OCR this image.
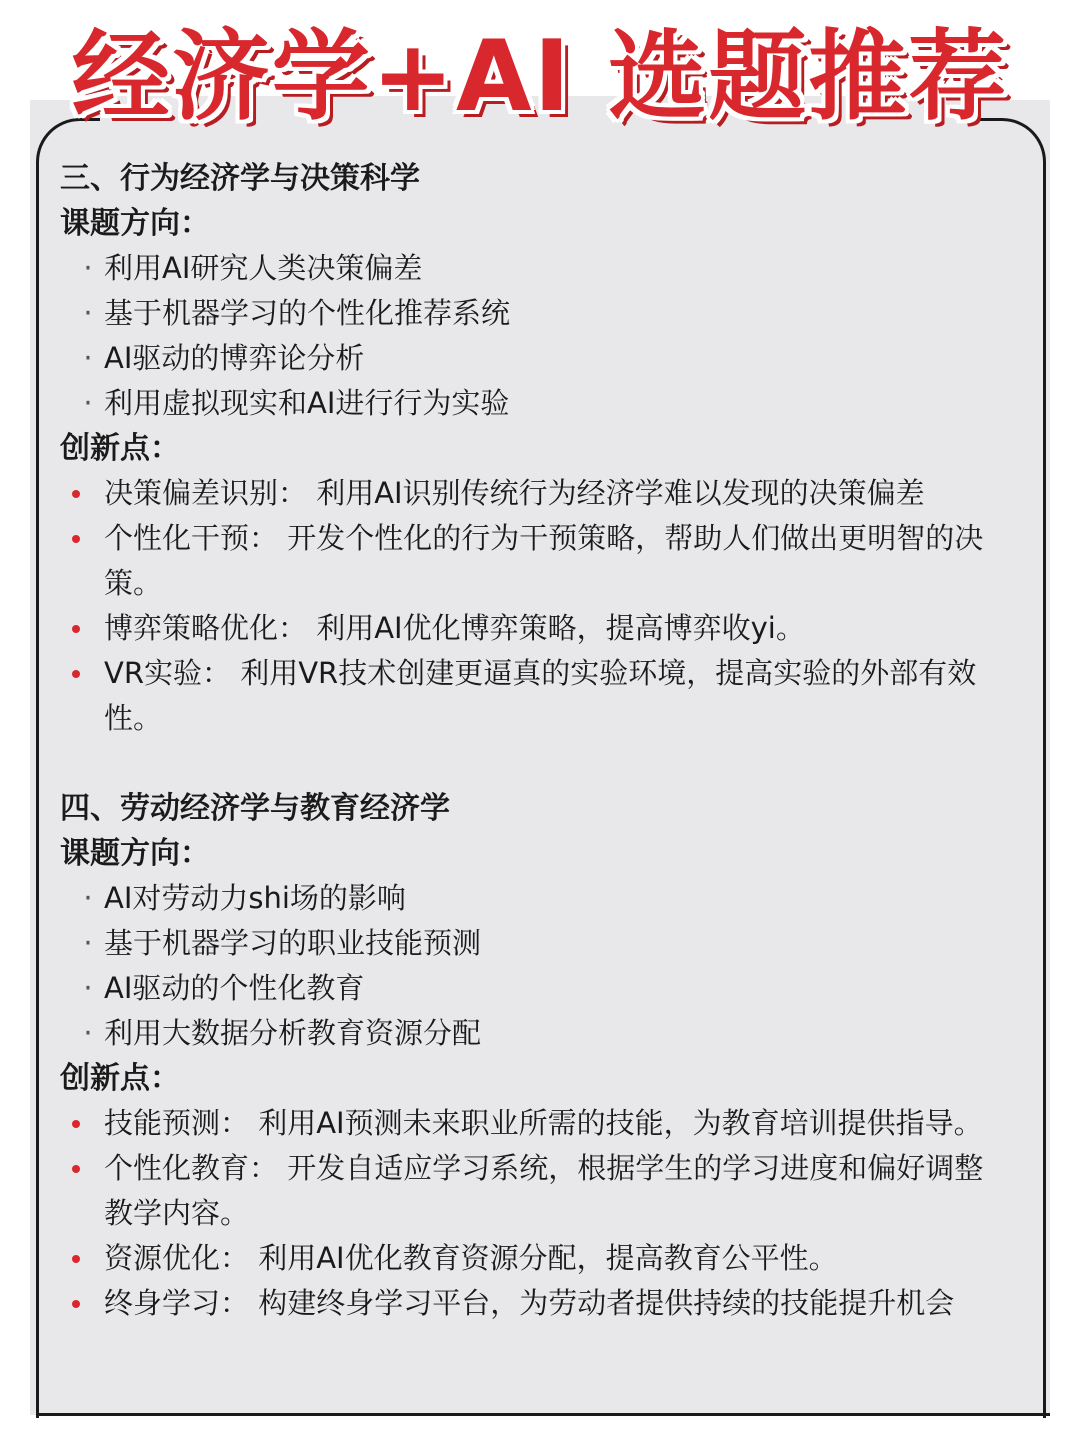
经济学+AI 选题推荐

三、行为经济学与决策科学

课题方向：

· 利用AI研究人类决策偏差

· 基于机器学习的个性化推荐系统

· AI驱动的博弈论分析

· 利用虚拟现实和AI进行行为实验

创新点：

决策偏差识别： 利用AI识别传统行为经济学难以发现的决策偏差

个性化干预： 开发个性化的行为干预策略，帮助人们做出更明智的决策。

博弈策略优化： 利用AI优化博弈策略，提高博弈收yi。

VR实验： 利用VR技术创建更逼真的实验环境，提高实验的外部有效性。

四、劳动经济学与教育经济学

课题方向：

· AI对劳动力shi场的影响

· 基于机器学习的职业技能预测

· AI驱动的个性化教育

· 利用大数据分析教育资源分配

创新点：

技能预测： 利用AI预测未来职业所需的技能，为教育培训提供指导。

个性化教育： 开发自适应学习系统，根据学生的学习进度和偏好调整教学内容。

资源优化： 利用AI优化教育资源分配，提高教育公平性。

终身学习： 构建终身学习平台，为劳动者提供持续的技能提升机会
